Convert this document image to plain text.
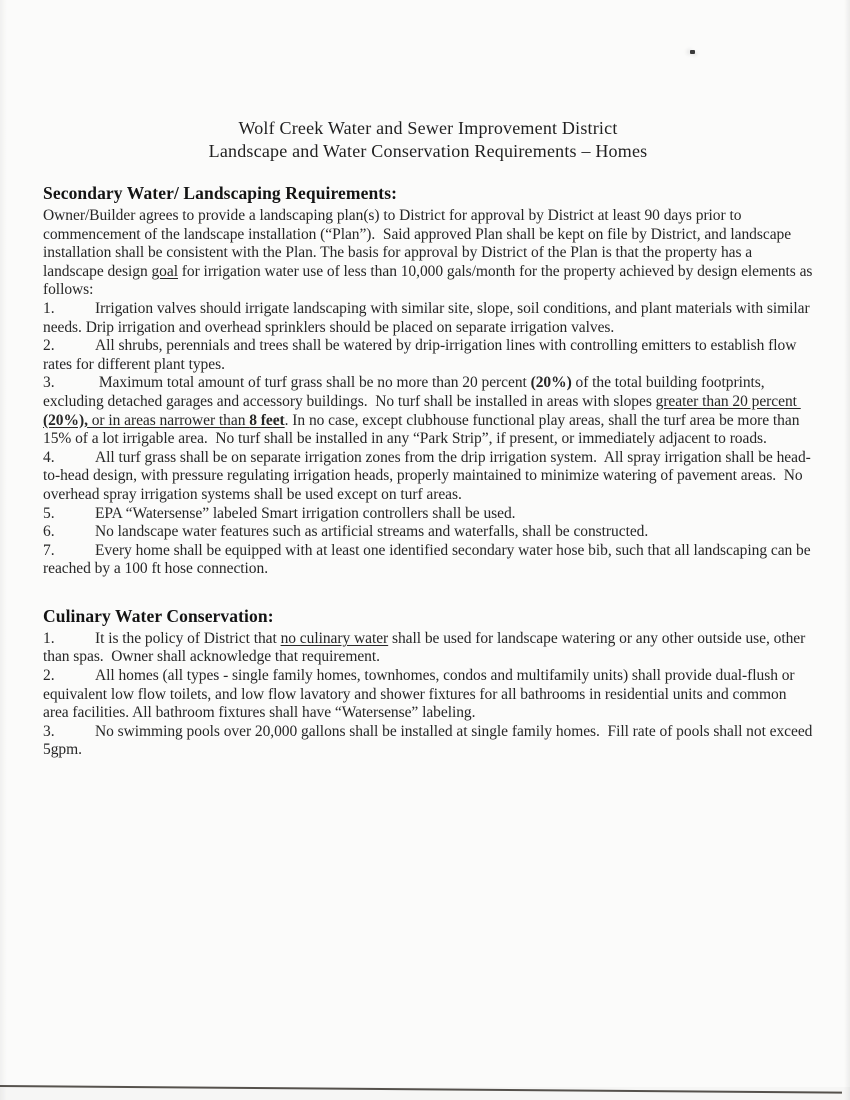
Wolf Creek Water and Sewer Improvement District
Landscape and Water Conservation Requirements – Homes
Secondary Water/ Landscaping Requirements:

Owner/Builder agrees to provide a landscaping plan(s) to District for approval by District at least 90 days prior to commencement of the landscape installation (“Plan”).  Said approved Plan shall be kept on file by District, and landscape installation shall be consistent with the Plan. The basis for approval by District of the Plan is that the property has a landscape design goal for irrigation water use of less than 10,000 gals/month for the property achieved by design elements as follows:

1.	Irrigation valves should irrigate landscaping with similar site, slope, soil conditions, and plant materials with similar needs. Drip irrigation and overhead sprinklers should be placed on separate irrigation valves.

2.	All shrubs, perennials and trees shall be watered by drip-irrigation lines with controlling emitters to establish flow rates for different plant types.

3.	Maximum total amount of turf grass shall be no more than 20 percent (20%) of the total building footprints, excluding detached garages and accessory buildings.  No turf shall be installed in areas with slopes greater than 20 percent (20%), or in areas narrower than 8 feet. In no case, except clubhouse functional play areas, shall the turf area be more than 15% of a lot irrigable area.  No turf shall be installed in any “Park Strip”, if present, or immediately adjacent to roads.

4.	All turf grass shall be on separate irrigation zones from the drip irrigation system.  All spray irrigation shall be head-to-head design, with pressure regulating irrigation heads, properly maintained to minimize watering of pavement areas.  No overhead spray irrigation systems shall be used except on turf areas.

5.	EPA “Watersense” labeled Smart irrigation controllers shall be used.

6.	No landscape water features such as artificial streams and waterfalls, shall be constructed.

7.	Every home shall be equipped with at least one identified secondary water hose bib, such that all landscaping can be reached by a 100 ft hose connection.

Culinary Water Conservation:

1.	It is the policy of District that no culinary water shall be used for landscape watering or any other outside use, other than spas.  Owner shall acknowledge that requirement.

2.	All homes (all types - single family homes, townhomes, condos and multifamily units) shall provide dual-flush or equivalent low flow toilets, and low flow lavatory and shower fixtures for all bathrooms in residential units and common area facilities. All bathroom fixtures shall have “Watersense” labeling.

3.	No swimming pools over 20,000 gallons shall be installed at single family homes.  Fill rate of pools shall not exceed 5gpm.
